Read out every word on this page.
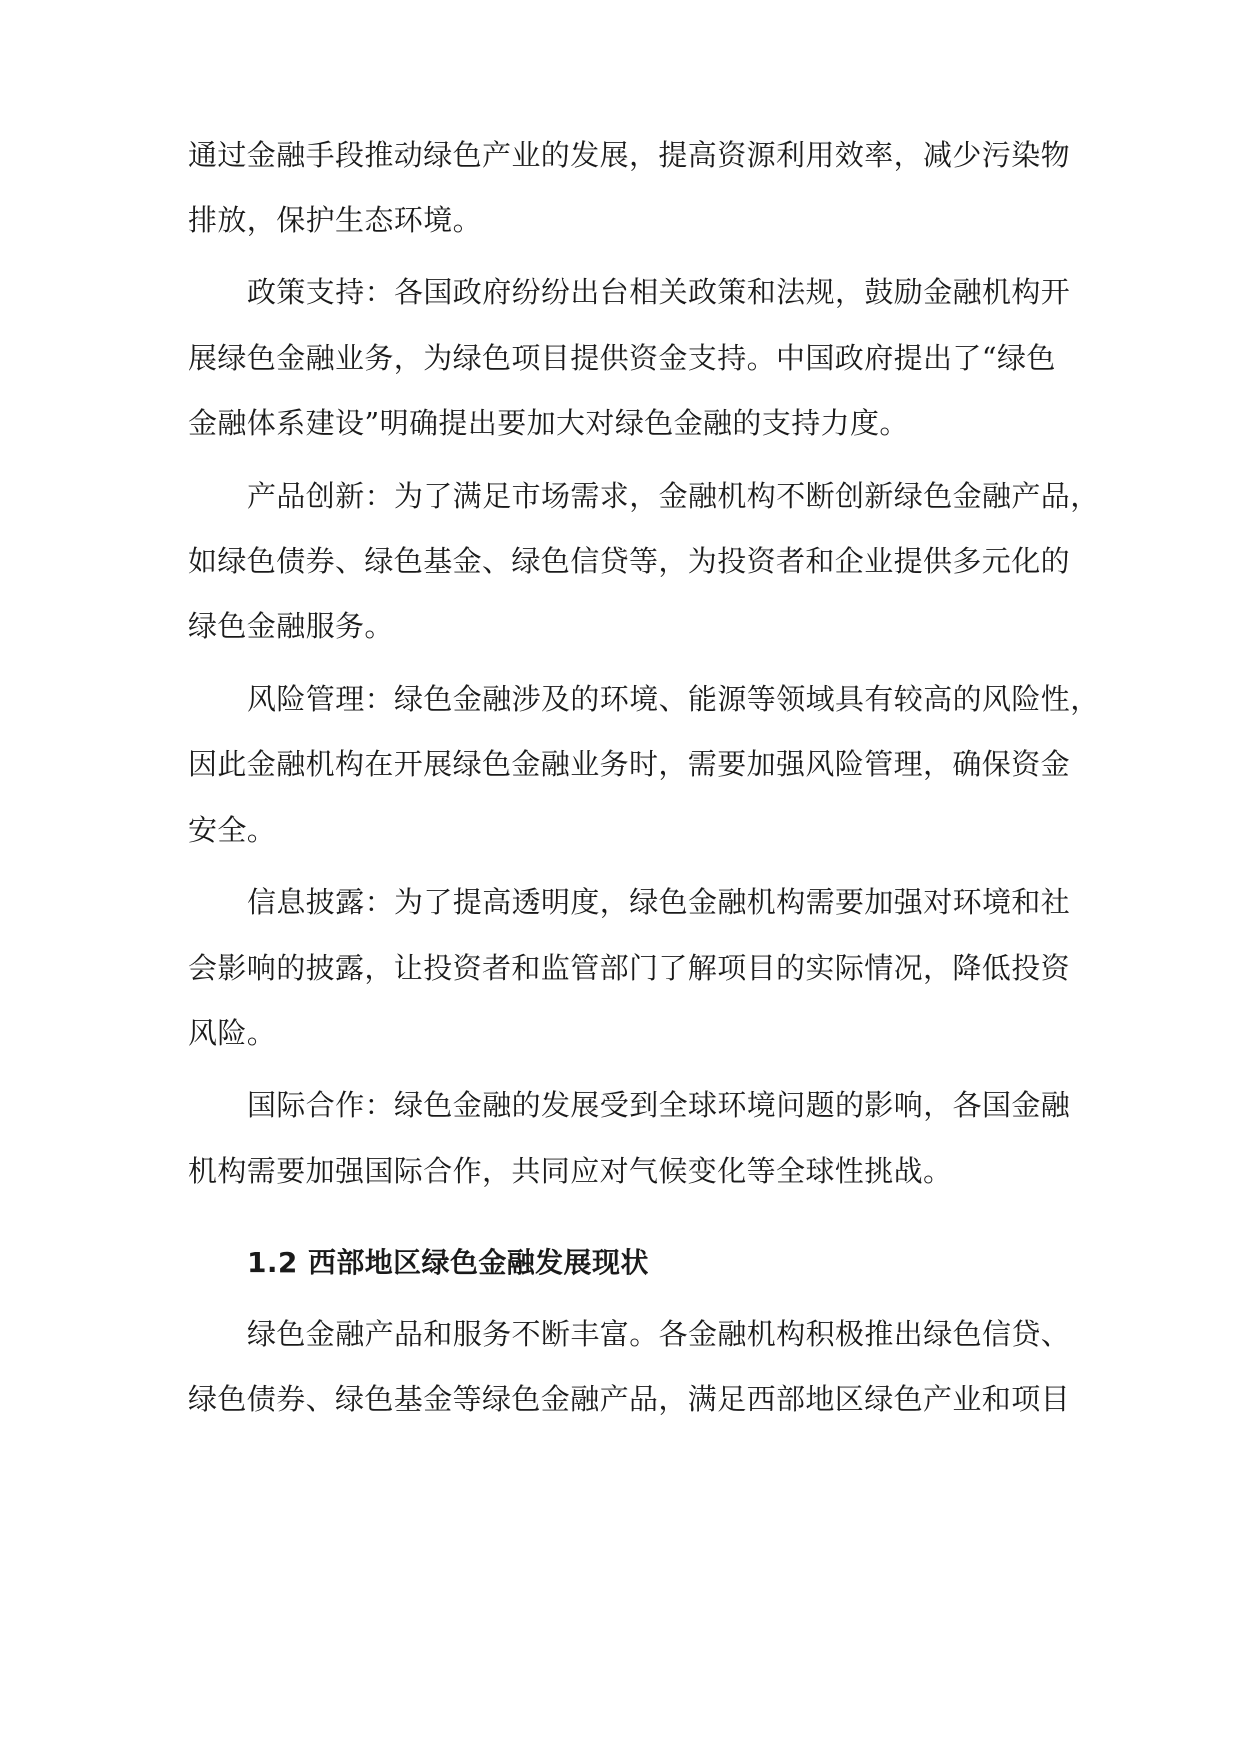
通过金融手段推动绿色产业的发展，提高资源利用效率，减少污染物
排放，保护生态环境。
政策支持：各国政府纷纷出台相关政策和法规，鼓励金融机构开
展绿色金融业务，为绿色项目提供资金支持。中国政府提出了“绿色
金融体系建设”明确提出要加大对绿色金融的支持力度。
产品创新：为了满足市场需求，金融机构不断创新绿色金融产品，
如绿色债券、绿色基金、绿色信贷等，为投资者和企业提供多元化的
绿色金融服务。
风险管理：绿色金融涉及的环境、能源等领域具有较高的风险性，
因此金融机构在开展绿色金融业务时，需要加强风险管理，确保资金
安全。
信息披露：为了提高透明度，绿色金融机构需要加强对环境和社
会影响的披露，让投资者和监管部门了解项目的实际情况，降低投资
风险。
国际合作：绿色金融的发展受到全球环境问题的影响，各国金融
机构需要加强国际合作，共同应对气候变化等全球性挑战。
1.2 西部地区绿色金融发展现状
绿色金融产品和服务不断丰富。各金融机构积极推出绿色信贷、
绿色债券、绿色基金等绿色金融产品，满足西部地区绿色产业和项目
